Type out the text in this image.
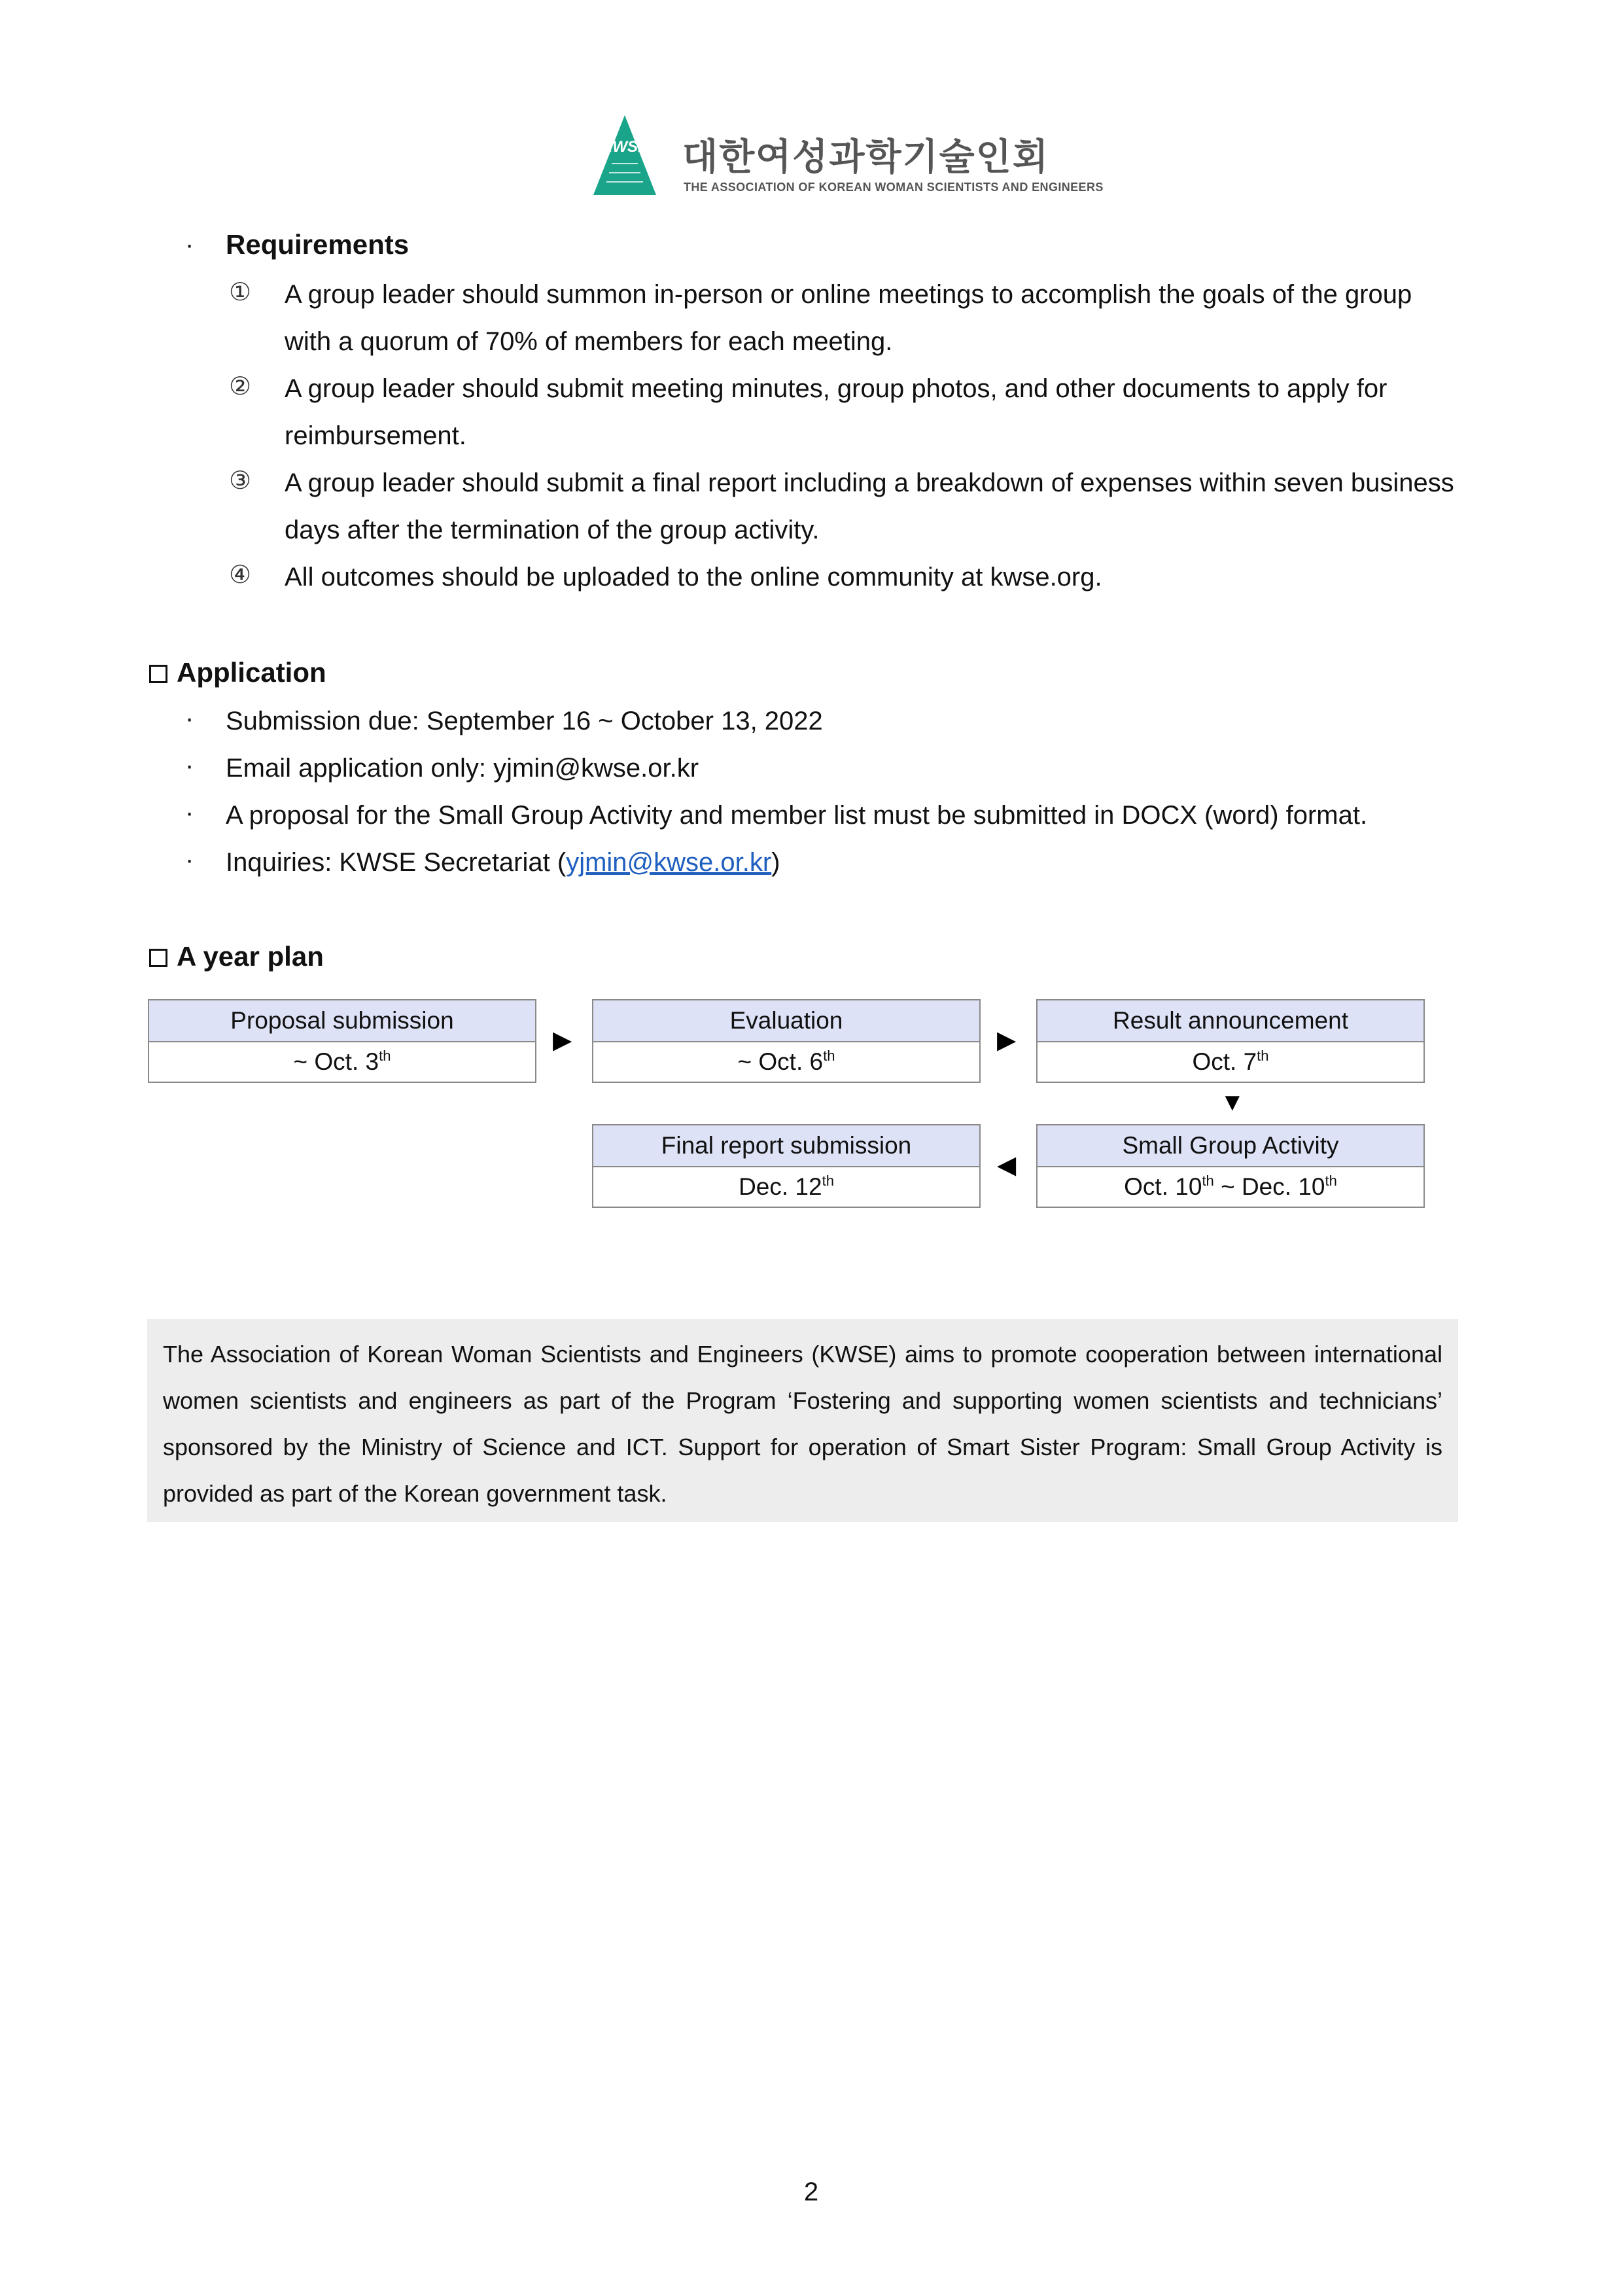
KWSE 대한여성과학기술인회
THE ASSOCIATION OF KOREAN WOMAN SCIENTISTS AND ENGINEERS
· Requirements
① A group leader should summon in-person or online meetings to accomplish the goals of the group
with a quorum of 70% of members for each meeting.
② A group leader should submit meeting minutes, group photos, and other documents to apply for
reimbursement.
③ A group leader should submit a final report including a breakdown of expenses within seven business
days after the termination of the group activity.
④ All outcomes should be uploaded to the online community at kwse.org.
Application
· Submission due: September 16 ~ October 13, 2022
· Email application only: yjmin@kwse.or.kr
· A proposal for the Small Group Activity and member list must be submitted in DOCX (word) format.
· Inquiries: KWSE Secretariat (yjmin@kwse.or.kr)
A year plan
Proposal submission
~ Oct. 3th
▶
Evaluation
~ Oct. 6th
▶
Result announcement
Oct. 7th
▼
Final report submission
Dec. 12th
◀
Small Group Activity
Oct. 10th ~ Dec. 10th
The Association of Korean Woman Scientists and Engineers (KWSE) aims to promote cooperation between international women scientists and engineers as part of the Program ‘Fostering and supporting women scientists and technicians’ sponsored by the Ministry of Science and ICT. Support for operation of Smart Sister Program: Small Group Activity is provided as part of the Korean government task.
2
